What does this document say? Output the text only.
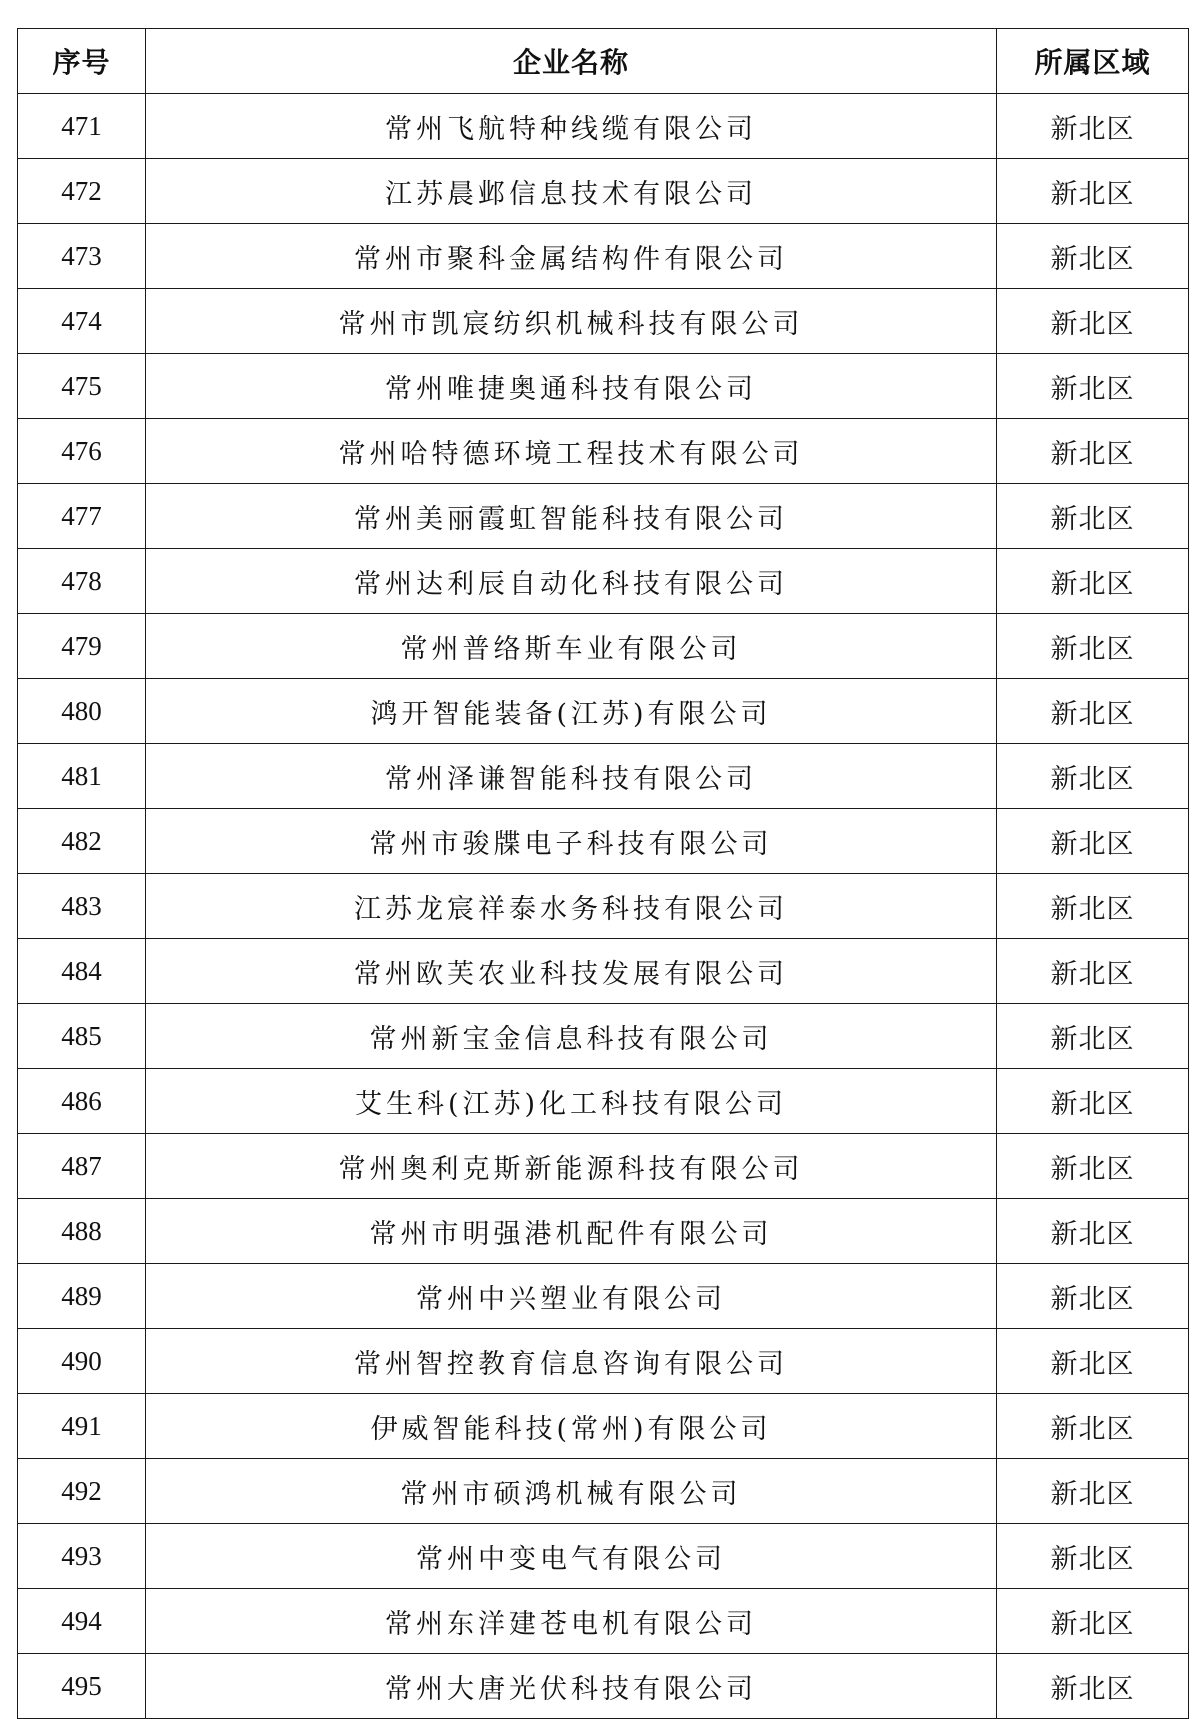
序号	企业名称	所属区域
471	常州飞航特种线缆有限公司	新北区
472	江苏晨邺信息技术有限公司	新北区
473	常州市聚科金属结构件有限公司	新北区
474	常州市凯宸纺织机械科技有限公司	新北区
475	常州唯捷奥通科技有限公司	新北区
476	常州哈特德环境工程技术有限公司	新北区
477	常州美丽霞虹智能科技有限公司	新北区
478	常州达利辰自动化科技有限公司	新北区
479	常州普络斯车业有限公司	新北区
480	鸿开智能装备(江苏)有限公司	新北区
481	常州泽谦智能科技有限公司	新北区
482	常州市骏牒电子科技有限公司	新北区
483	江苏龙宸祥泰水务科技有限公司	新北区
484	常州欧芙农业科技发展有限公司	新北区
485	常州新宝金信息科技有限公司	新北区
486	艾生科(江苏)化工科技有限公司	新北区
487	常州奥利克斯新能源科技有限公司	新北区
488	常州市明强港机配件有限公司	新北区
489	常州中兴塑业有限公司	新北区
490	常州智控教育信息咨询有限公司	新北区
491	伊威智能科技(常州)有限公司	新北区
492	常州市硕鸿机械有限公司	新北区
493	常州中变电气有限公司	新北区
494	常州东洋建苍电机有限公司	新北区
495	常州大唐光伏科技有限公司	新北区
